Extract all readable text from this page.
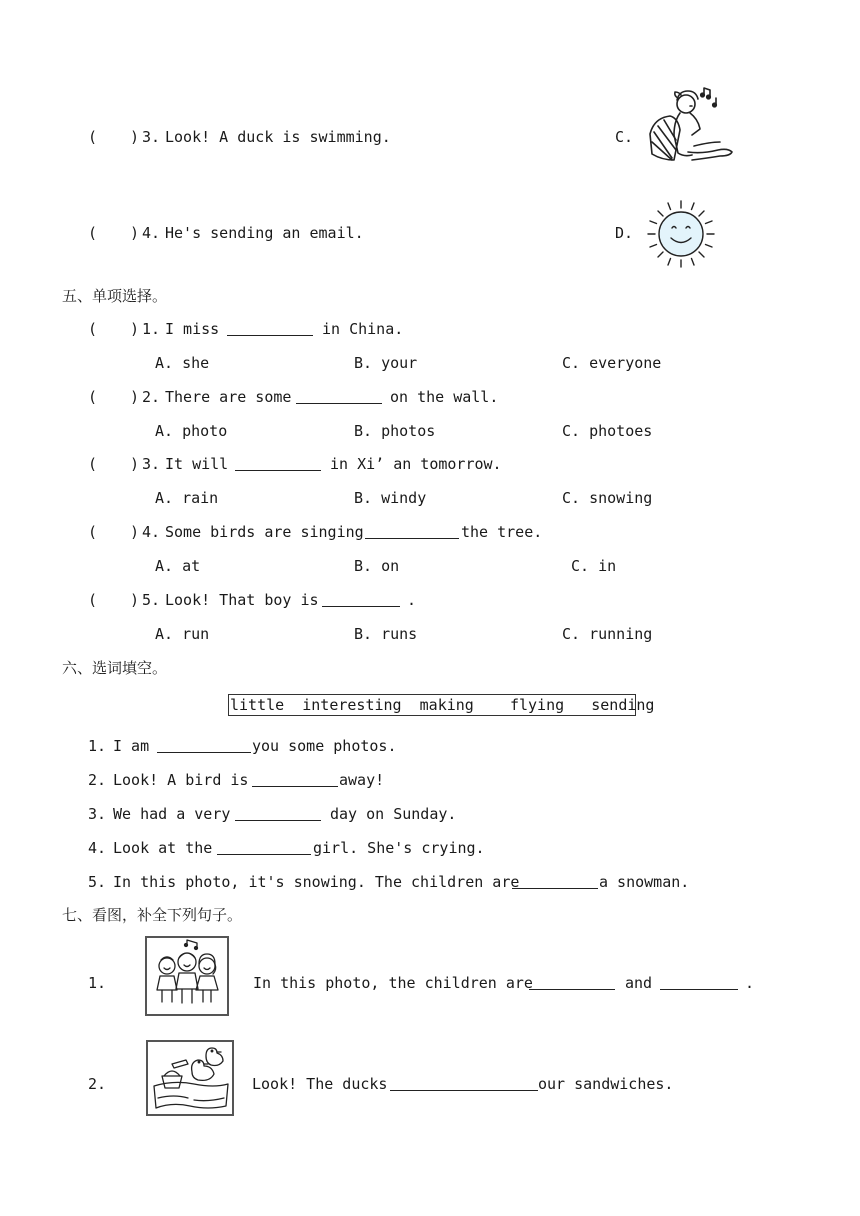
( ) 3. Look! A duck is swimming.	C.
( ) 4. He's sending an email.	D.
五、单项选择。
( ) 1. I miss	in China.
A. she	B. your	C. everyone
( ) 2. There are some	on the wall.
A. photo	B. photos	C. photoes
( ) 3. It will	in Xi’ an tomorrow.
A. rain	B. windy	C. snowing
( ) 4. Some birds are singing	the tree.
A. at	B. on	C. in
( ) 5. Look! That boy is	.
A. run	B. runs	C. running
六、选词填空。
little  interesting  making    flying   sending
1. I am	you some photos.
2. Look! A bird is	away!
3. We had a very	day on Sunday.
4. Look at the	girl. She's crying.
5. In this photo, it's snowing. The children are	a snowman.
七、看图，补全下列句子。
1.	In this photo, the children are	and	.
2.	Look! The ducks	our sandwiches.
